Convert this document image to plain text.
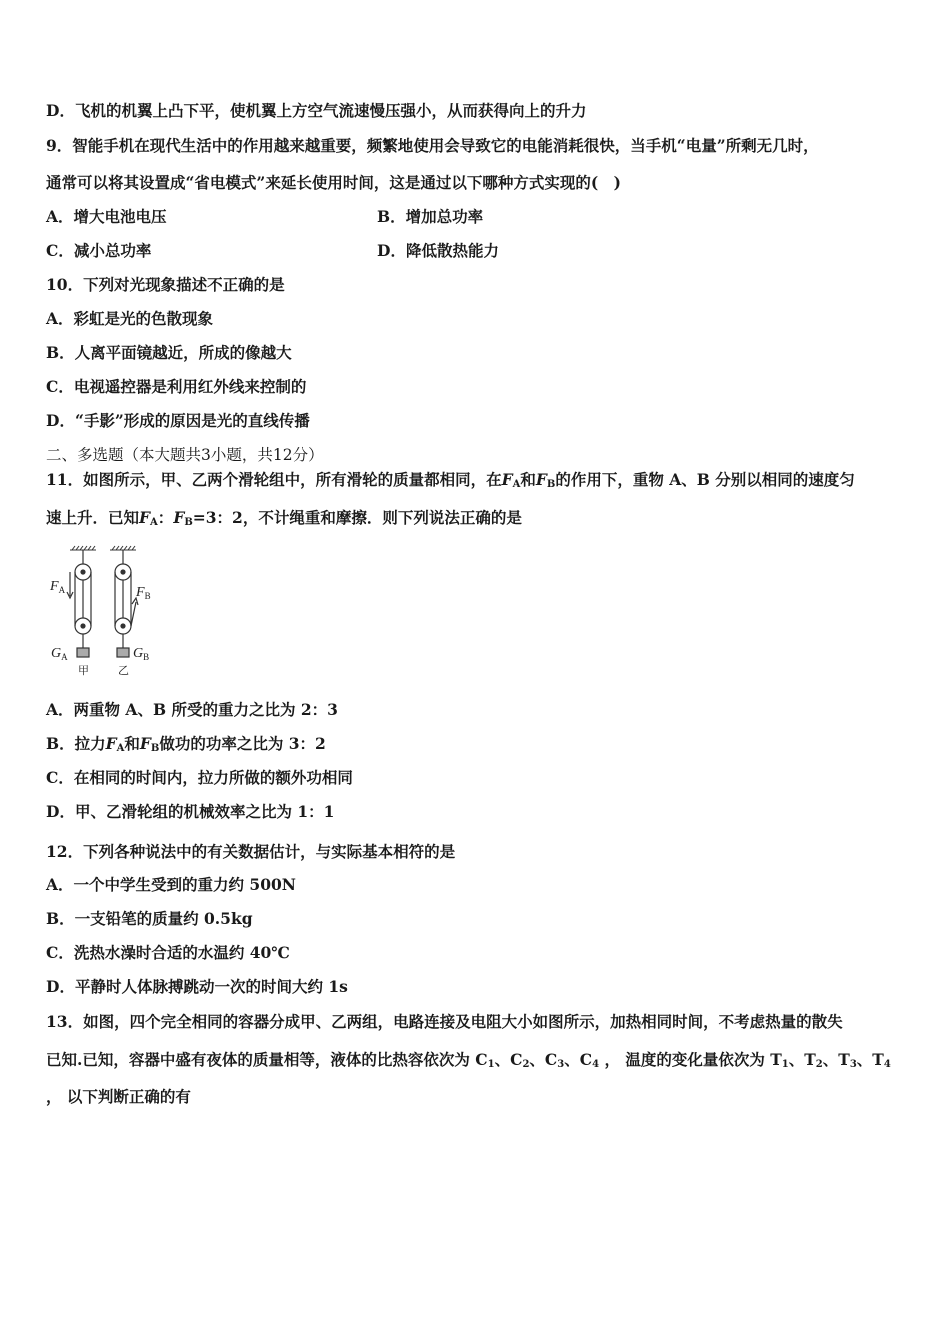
D．飞机的机翼上凸下平，使机翼上方空气流速慢压强小，从而获得向上的升力
9．智能手机在现代生活中的作用越来越重要，频繁地使用会导致它的电能消耗很快，当手机“电量”所剩无几时，
通常可以将其设置成“省电模式”来延长使用时间，这是通过以下哪种方式实现的(　)
A．增大电池电压	B．增加总功率
C．减小总功率	D．降低散热能力
10．下列对光现象描述不正确的是
A．彩虹是光的色散现象
B．人离平面镜越近，所成的像越大
C．电视遥控器是利用红外线来控制的
D．“手影”形成的原因是光的直线传播
二、多选题（本大题共3小题，共12分）
11．如图所示，甲、乙两个滑轮组中，所有滑轮的质量都相同，在$F_A$和$F_B$的作用下，重物 A、B 分别以相同的速度匀
速上升．已知$F_A$：$F_B=3$：2，不计绳重和摩擦．则下列说法正确的是
$F_A$	$F_B$
$G_A$	$G_B$
甲	乙
A．两重物 A、B 所受的重力之比为 2：3
B．拉力$F_A$和$F_B$做功的功率之比为 3：2
C．在相同的时间内，拉力所做的额外功相同
D．甲、乙滑轮组的机械效率之比为 1：1
12．下列各种说法中的有关数据估计，与实际基本相符的是
A．一个中学生受到的重力约 500N
B．一支铅笔的质量约 0.5kg
C．洗热水澡时合适的水温约 40℃
D．平静时人体脉搏跳动一次的时间大约 1s
13．如图，四个完全相同的容器分成甲、乙两组，电路连接及电阻大小如图所示，加热相同时间，不考虑热量的散失
已知.已知，容器中盛有夜体的质量相等，液体的比热容依次为 $C_1$、$C_2$、$C_3$、$C_4$ ， 温度的变化量依次为 $T_1$、$T_2$、$T_3$、$T_4$
， 以下判断正确的有
